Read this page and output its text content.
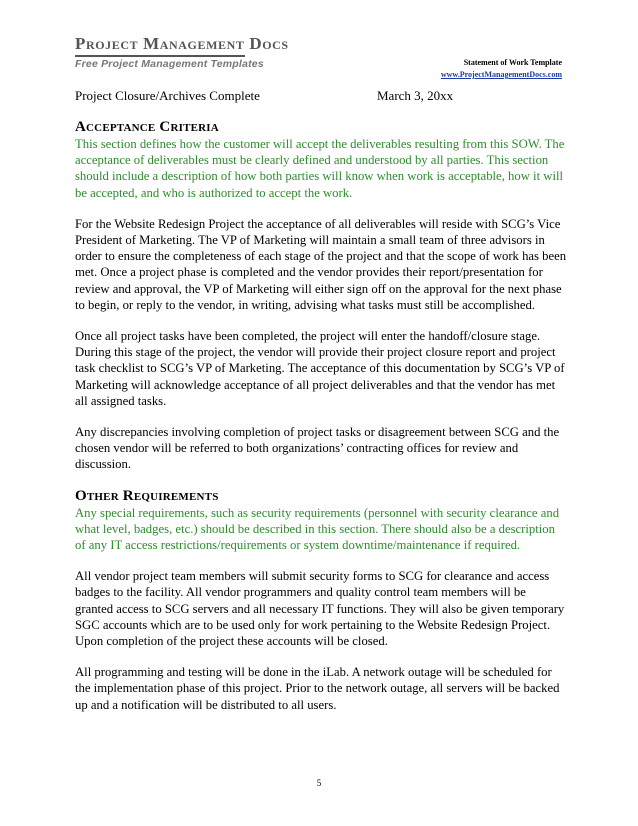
Project Management Docs
Free Project Management Templates	Statement of Work Template
www.ProjectManagementDocs.com
Project Closure/Archives Complete	March 3, 20xx
Acceptance Criteria

This section defines how the customer will accept the deliverables resulting from this SOW. The acceptance of deliverables must be clearly defined and understood by all parties. This section should include a description of how both parties will know when work is acceptable, how it will be accepted, and who is authorized to accept the work.

For the Website Redesign Project the acceptance of all deliverables will reside with SCG’s Vice President of Marketing. The VP of Marketing will maintain a small team of three advisors in order to ensure the completeness of each stage of the project and that the scope of work has been met. Once a project phase is completed and the vendor provides their report/presentation for review and approval, the VP of Marketing will either sign off on the approval for the next phase to begin, or reply to the vendor, in writing, advising what tasks must still be accomplished.

Once all project tasks have been completed, the project will enter the handoff/closure stage. During this stage of the project, the vendor will provide their project closure report and project task checklist to SCG’s VP of Marketing. The acceptance of this documentation by SCG’s VP of Marketing will acknowledge acceptance of all project deliverables and that the vendor has met all assigned tasks.

Any discrepancies involving completion of project tasks or disagreement between SCG and the chosen vendor will be referred to both organizations’ contracting offices for review and discussion.

Other Requirements

Any special requirements, such as security requirements (personnel with security clearance and what level, badges, etc.) should be described in this section. There should also be a description of any IT access restrictions/requirements or system downtime/maintenance if required.

All vendor project team members will submit security forms to SCG for clearance and access badges to the facility. All vendor programmers and quality control team members will be granted access to SCG servers and all necessary IT functions. They will also be given temporary SGC accounts which are to be used only for work pertaining to the Website Redesign Project. Upon completion of the project these accounts will be closed.

All programming and testing will be done in the iLab. A network outage will be scheduled for the implementation phase of this project. Prior to the network outage, all servers will be backed up and a notification will be distributed to all users.

5
